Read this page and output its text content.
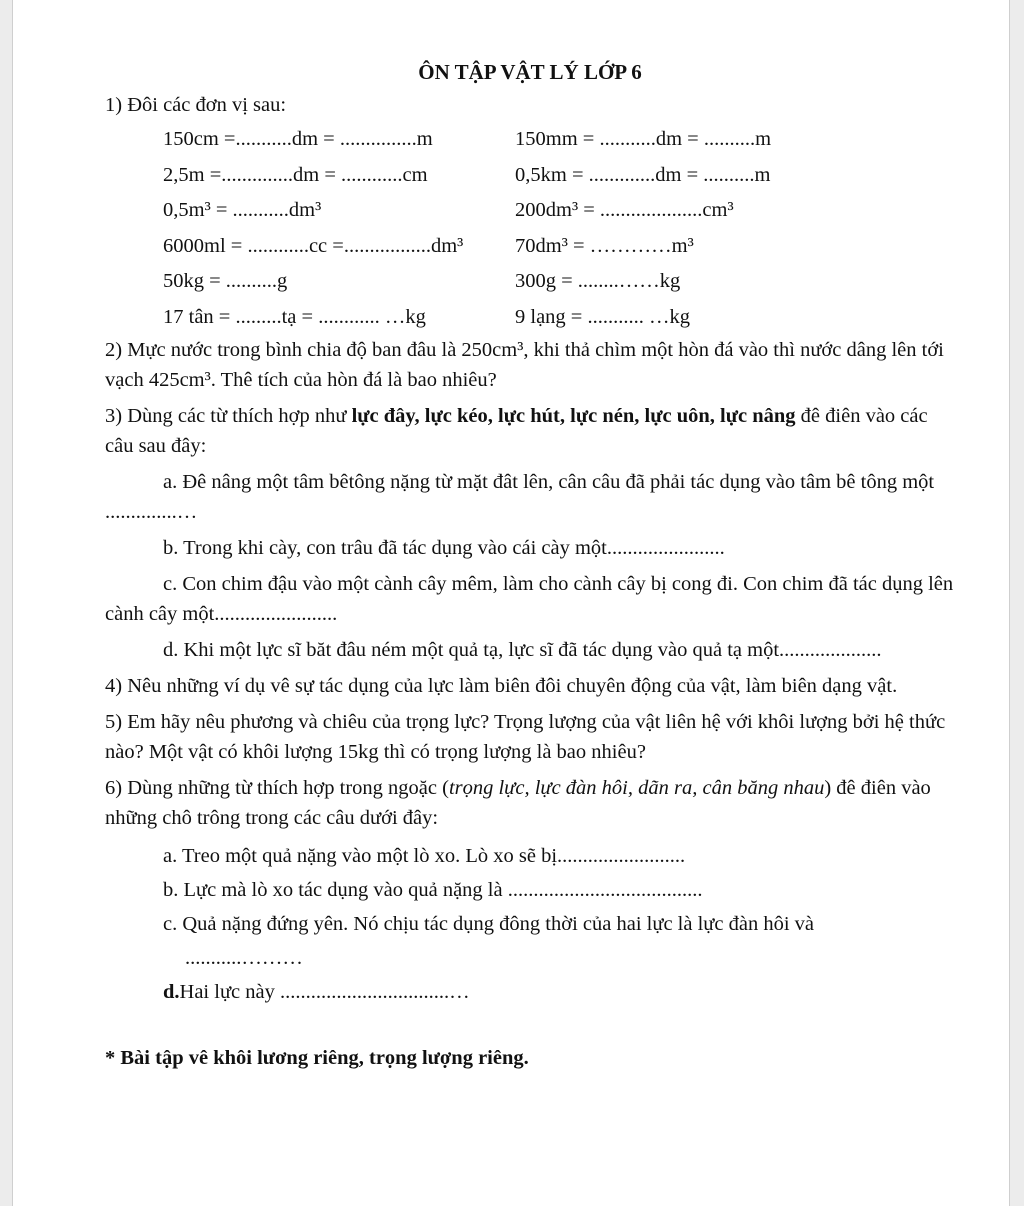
ÔN TẬP VẬT LÝ LỚP 6
1) Đôi các đơn vị sau:
150cm =...........dm = ...............m	150mm = ...........dm = ..........m
2,5m =..............dm = ............cm	0,5km = .............dm = ..........m
0,5m³ = ...........dm³	200dm³ = ....................cm³
6000ml = ............cc =.................dm³	70dm³ = …………m³
50kg = ..........g	300g = ........……kg
17 tân = .........tạ = ............ …kg	9 lạng = ........... …kg
2) Mực nước trong bình chia độ ban đâu là 250cm³, khi thả chìm một hòn đá vào thì nước dâng lên tới vạch 425cm³. Thê tích của hòn đá là bao nhiêu?
3) Dùng các từ thích hợp như lực đây, lực kéo, lực hút, lực nén, lực uôn, lực nâng đê điên vào các câu sau đây:
a. Đê nâng một tâm bêtông nặng từ mặt đât lên, cân câu đã phải tác dụng vào tâm bê tông một ..............…
b. Trong khi cày, con trâu đã tác dụng vào cái cày một.......................
c. Con chim đậu vào một cành cây mêm, làm cho cành cây bị cong đi. Con chim đã tác dụng lên cành cây một........................
d. Khi một lực sĩ băt đâu ném một quả tạ, lực sĩ đã tác dụng vào quả tạ một....................
4) Nêu những ví dụ vê sự tác dụng của lực làm biên đôi chuyên động của vật, làm biên dạng vật.
5) Em hãy nêu phương và chiêu của trọng lực? Trọng lượng của vật liên hệ với khôi lượng bởi hệ thức nào? Một vật có khôi lượng 15kg thì có trọng lượng là bao nhiêu?
6) Dùng những từ thích hợp trong ngoặc (trọng lực, lực đàn hôi, dãn ra, cân băng nhau) đê điên vào những chô trông trong các câu dưới đây:
a. Treo một quả nặng vào một lò xo. Lò xo sẽ bị.........................
b. Lực mà lò xo tác dụng vào quả nặng là ......................................
c. Quả nặng đứng yên. Nó chịu tác dụng đông thời của hai lực là lực đàn hôi và
...........………
d.Hai lực này .................................…
* Bài tập vê khôi lương riêng, trọng lượng riêng.
